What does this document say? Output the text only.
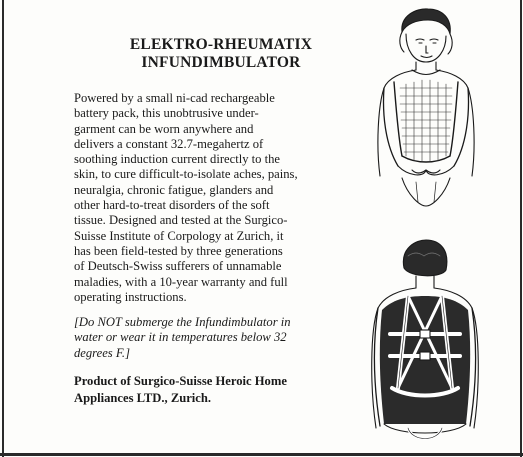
ELEKTRO-RHEUMATIX
INFUNDIMBULATOR
Powered by a small ni-cad rechargeable
battery pack, this unobtrusive under-
garment can be worn anywhere and
delivers a constant 32.7-megahertz of
soothing induction current directly to the
skin, to cure difficult-to-isolate aches, pains,
neuralgia, chronic fatigue, glanders and
other hard-to-treat disorders of the soft
tissue. Designed and tested at the Surgico-
Suisse Institute of Corpology at Zurich, it
has been field-tested by three generations
of Deutsch-Swiss sufferers of unnamable
maladies, with a 10-year warranty and full
operating instructions.
[Do NOT submerge the Infundimbulator in
water or wear it in temperatures below 32
degrees F.]
Product of Surgico-Suisse Heroic Home
Appliances LTD., Zurich.
